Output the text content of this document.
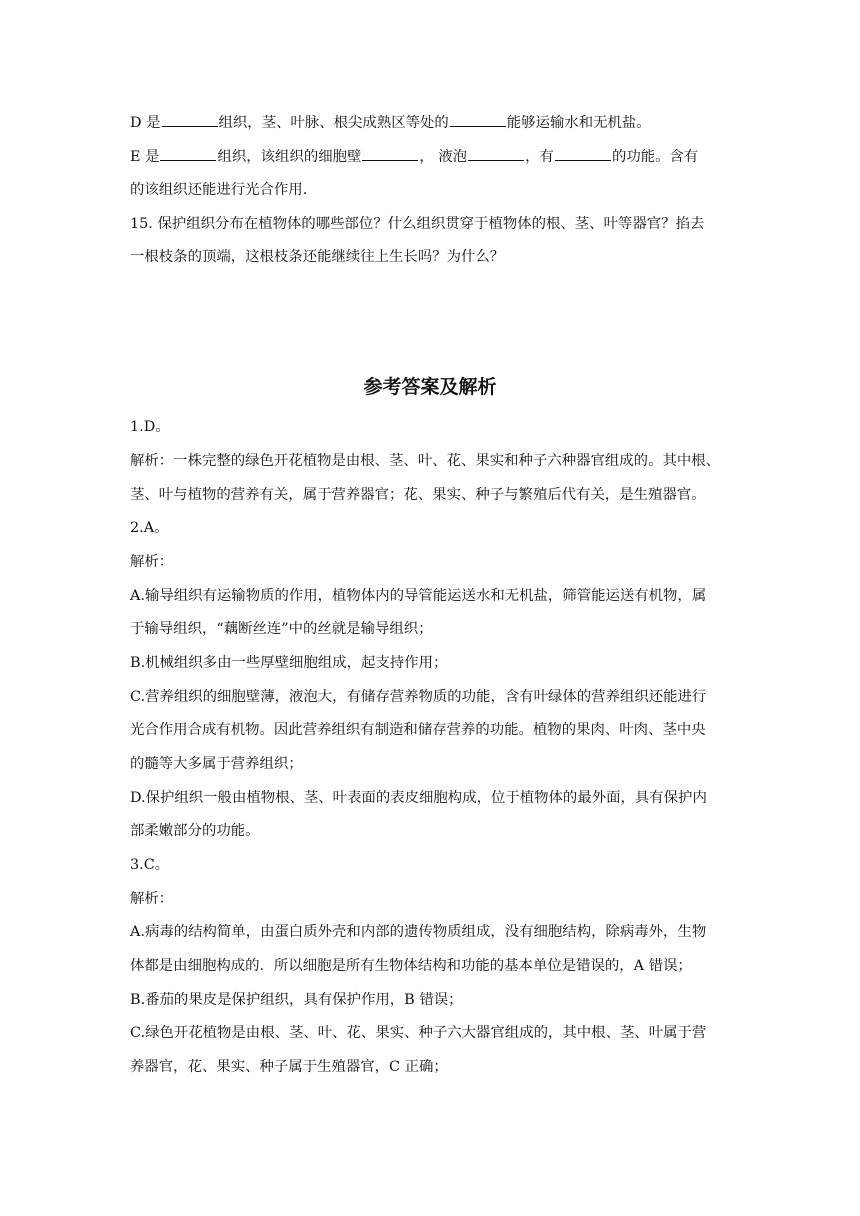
D 是	组织，茎、叶脉、根尖成熟区等处的	能够运输水和无机盐。
E 是	组织，该组织的细胞壁	， 液泡	，有	的功能。含有
的该组织还能进行光合作用.
15. 保护组织分布在植物体的哪些部位？什么组织贯穿于植物体的根、茎、叶等器官？掐去
一根枝条的顶端，这根枝条还能继续往上生长吗？为什么？
参考答案及解析
1.D。
解析：一株完整的绿色开花植物是由根、茎、叶、花、果实和种子六种器官组成的。其中根、
茎、叶与植物的营养有关，属于营养器官；花、果实、种子与繁殖后代有关，是生殖器官。
2.A。
解析：
A.输导组织有运输物质的作用，植物体内的导管能运送水和无机盐，筛管能运送有机物，属
于输导组织，“藕断丝连”中的丝就是输导组织；
B.机械组织多由一些厚壁细胞组成，起支持作用；
C.营养组织的细胞壁薄，液泡大，有储存营养物质的功能，含有叶绿体的营养组织还能进行
光合作用合成有机物。因此营养组织有制造和储存营养的功能。植物的果肉、叶肉、茎中央
的髓等大多属于营养组织；
D.保护组织一般由植物根、茎、叶表面的表皮细胞构成，位于植物体的最外面，具有保护内
部柔嫩部分的功能。
3.C。
解析：
A.病毒的结构简单，由蛋白质外壳和内部的遗传物质组成，没有细胞结构，除病毒外，生物
体都是由细胞构成的．所以细胞是所有生物体结构和功能的基本单位是错误的，A 错误；
B.番茄的果皮是保护组织，具有保护作用，B 错误；
C.绿色开花植物是由根、茎、叶、花、果实、种子六大器官组成的，其中根、茎、叶属于营
养器官，花、果实、种子属于生殖器官，C 正确；
